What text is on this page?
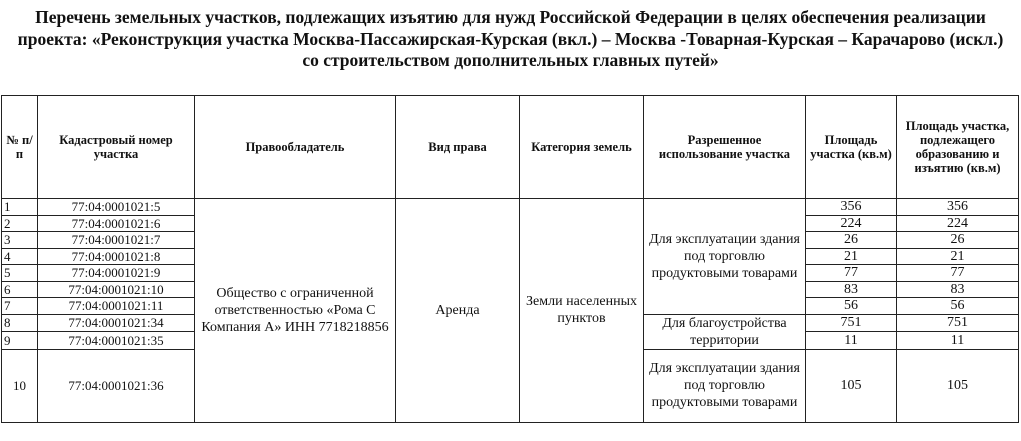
Перечень земельных участков, подлежащих изъятию для нужд Российской Федерации в целях обеспечения реализации проекта: «Реконструкция участка Москва-Пассажирская-Курская (вкл.) – Москва -Товарная-Курская – Карачарово (искл.) со строительством дополнительных главных путей»
№ п/п	Кадастровый номер участка	Правообладатель	Вид права	Категория земель	Разрешенное использование участка	Площадь участка (кв.м)	Площадь участка, подлежащего образованию и изъятию (кв.м)
1	77:04:0001021:5	Общество с ограниченной ответственностью «Рома С Компания А» ИНН 7718218856	Аренда	Земли населенных пунктов	Для эксплуатации здания под торговлю продуктовыми товарами	356	356
2	77:04:0001021:6					224	224
3	77:04:0001021:7					26	26
4	77:04:0001021:8					21	21
5	77:04:0001021:9					77	77
6	77:04:0001021:10					83	83
7	77:04:0001021:11					56	56
8	77:04:0001021:34				Для благоустройства территории	751	751
9	77:04:0001021:35					11	11
10	77:04:0001021:36				Для эксплуатации здания под торговлю продуктовыми товарами	105	105
